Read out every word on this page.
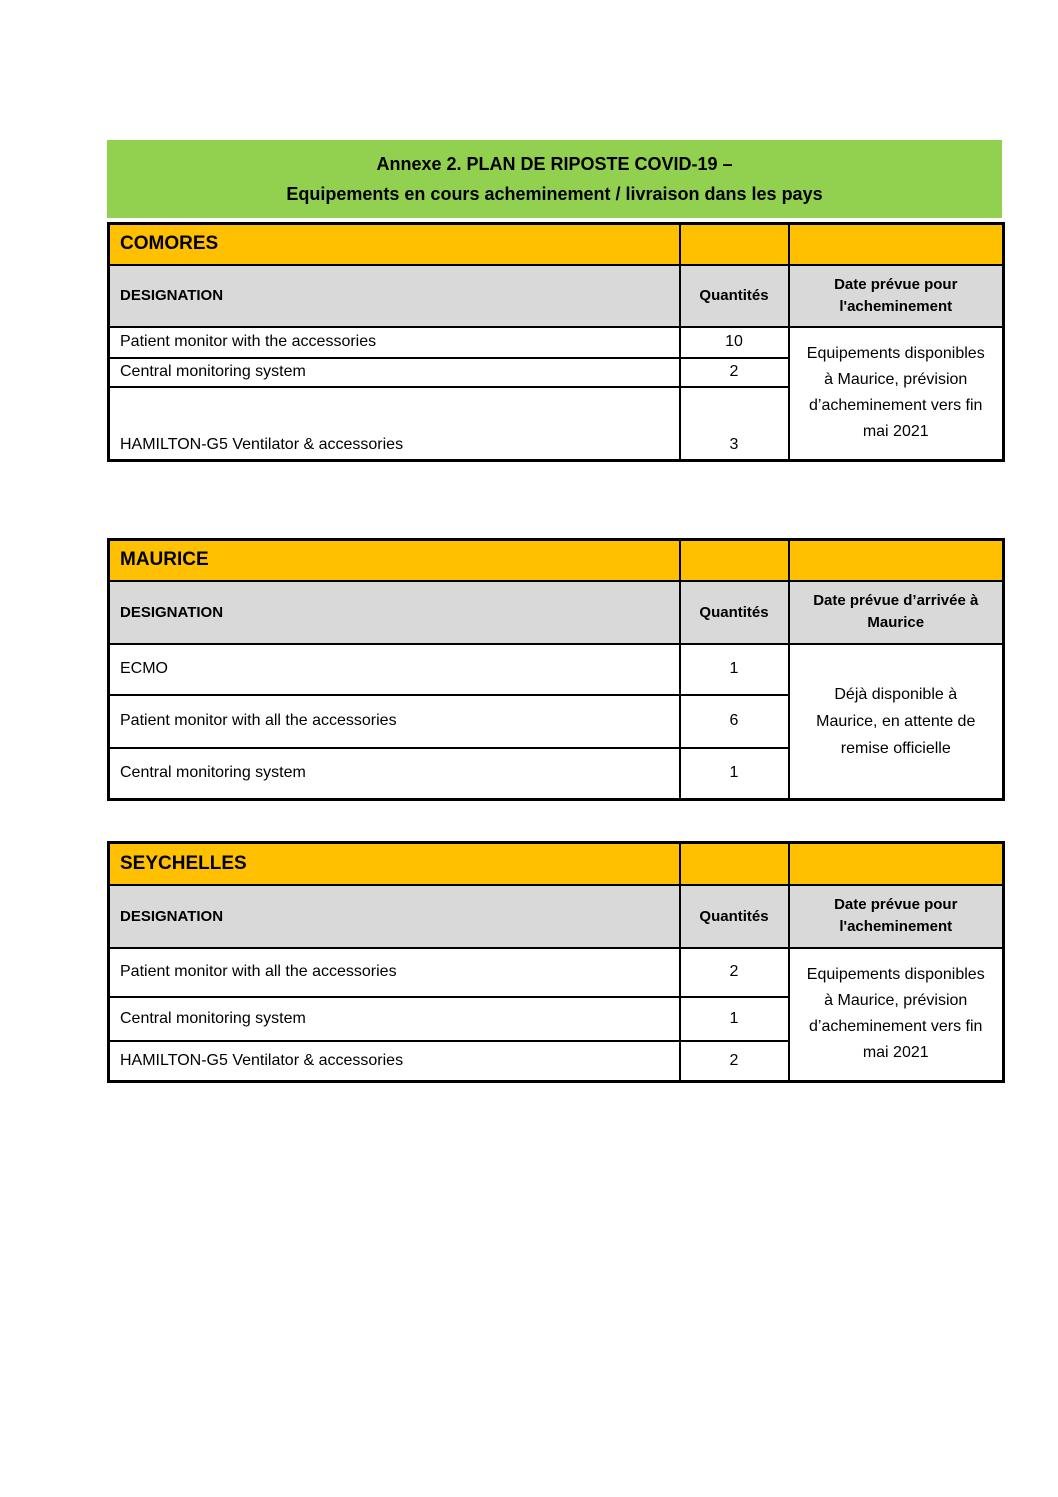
Annexe 2. PLAN DE RIPOSTE COVID-19 –
Equipements en cours acheminement / livraison dans les pays
COMORES		
DESIGNATION	Quantités	Date prévue pour l'acheminement
Patient monitor with the accessories	10	Equipements disponibles à Maurice, prévision d’acheminement vers fin mai 2021
Central monitoring system	2	
HAMILTON-G5 Ventilator & accessories	3	
MAURICE		
DESIGNATION	Quantités	Date prévue d’arrivée à Maurice
ECMO	1	Déjà disponible à Maurice, en attente de remise officielle
Patient monitor with all the accessories	6	
Central monitoring system	1	
SEYCHELLES		
DESIGNATION	Quantités	Date prévue pour l'acheminement
Patient monitor with all the accessories	2	Equipements disponibles à Maurice, prévision d’acheminement vers fin mai 2021
Central monitoring system	1	
HAMILTON-G5 Ventilator & accessories	2	
